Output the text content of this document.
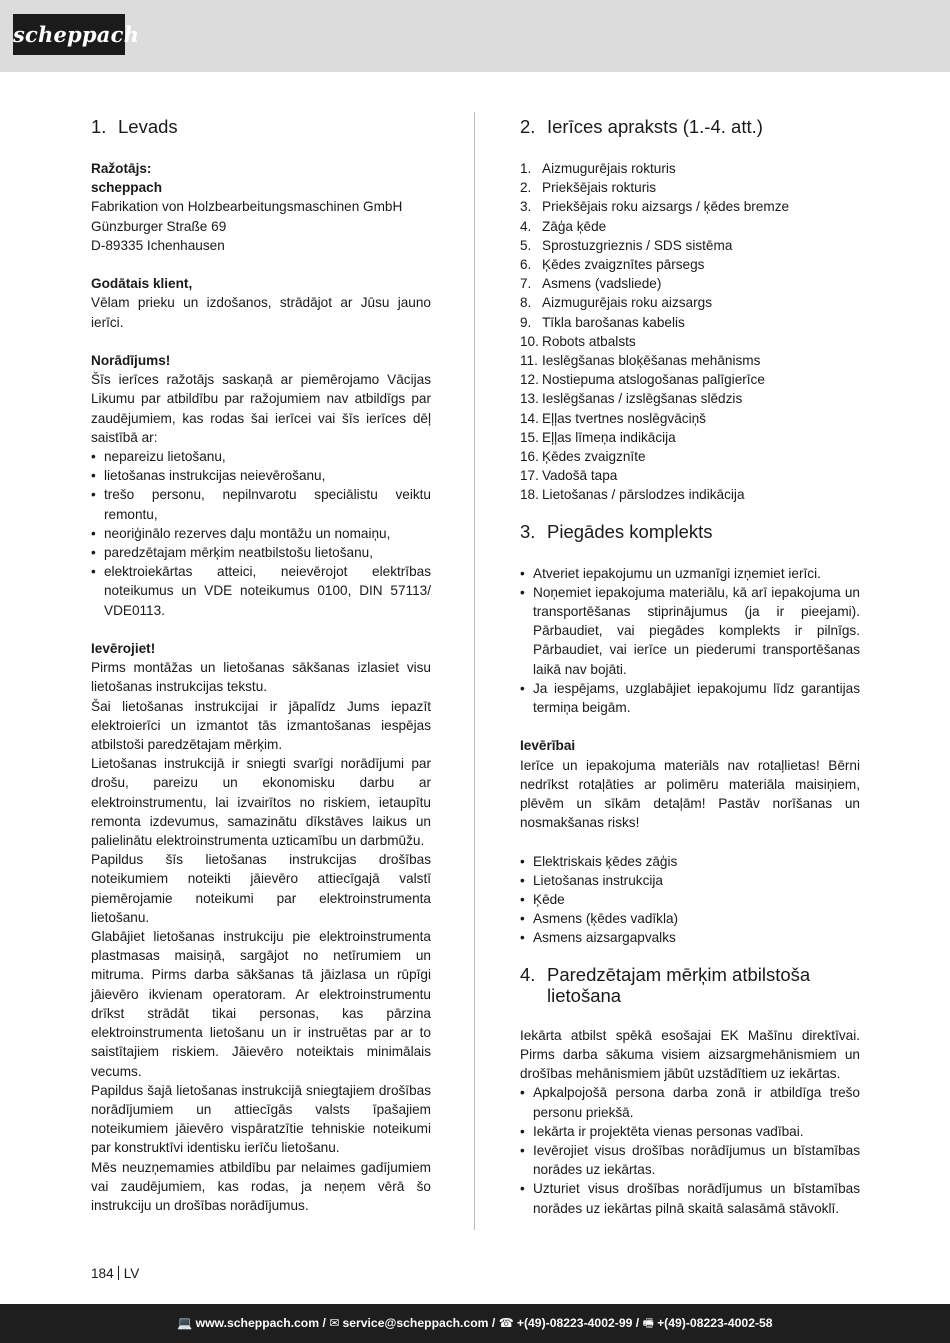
scheppach
1. Levads

Ražotājs:

scheppach

Fabrikation von Holzbearbeitungsmaschinen GmbH

Günzburger Straße 69

D-89335 Ichenhausen

Godātais klient,

Vēlam prieku un izdošanos, strādājot ar Jūsu jauno ierīci.

Norādījums!

Šīs ierīces ražotājs saskaņā ar piemērojamo Vācijas Likumu par atbildību par ražojumiem nav atbildīgs par zaudējumiem, kas rodas šai ierīcei vai šīs ierīces dēļ saistībā ar:

• nepareizu lietošanu,
• lietošanas instrukcijas neievērošanu,
• trešo personu, nepilnvarotu speciālistu veiktu remontu,
• neoriģinālo rezerves daļu montāžu un nomaiņu,
• paredzētajam mērķim neatbilstošu lietošanu,
• elektroiekārtas atteici, neievērojot elektrības noteikumus un VDE noteikumus 0100, DIN 57113/ VDE0113.

Ievērojiet!

Pirms montāžas un lietošanas sākšanas izlasiet visu lietošanas instrukcijas tekstu.

Šai lietošanas instrukcijai ir jāpalīdz Jums iepazīt elektroierīci un izmantot tās izmantošanas iespējas atbilstoši paredzētajam mērķim.

Lietošanas instrukcijā ir sniegti svarīgi norādījumi par drošu, pareizu un ekonomisku darbu ar elektroinstrumentu, lai izvairītos no riskiem, ietaupītu remonta izdevumus, samazinātu dīkstāves laikus un palielinātu elektroinstrumenta uzticamību un darbmūžu.

Papildus šīs lietošanas instrukcijas drošības noteikumiem noteikti jāievēro attiecīgajā valstī piemērojamie noteikumi par elektroinstrumenta lietošanu.

Glabājiet lietošanas instrukciju pie elektroinstrumenta plastmasas maisiņā, sargājot no netīrumiem un mitruma. Pirms darba sākšanas tā jāizlasa un rūpīgi jāievēro ikvienam operatoram. Ar elektroinstrumentu drīkst strādāt tikai personas, kas pārzina elektroinstrumenta lietošanu un ir instruētas par ar to saistītajiem riskiem. Jāievēro noteiktais minimālais vecums.

Papildus šajā lietošanas instrukcijā sniegtajiem drošības norādījumiem un attiecīgās valsts īpašajiem noteikumiem jāievēro vispāratzītie tehniskie noteikumi par konstruktīvi identisku ierīču lietošanu.

Mēs neuzņemamies atbildību par nelaimes gadījumiem vai zaudējumiem, kas rodas, ja neņem vērā šo instrukciju un drošības norādījumus.

2. Ierīces apraksts (1.-4. att.)
1. Aizmugurējais rokturis
2. Priekšējais rokturis
3. Priekšējais roku aizsargs / ķēdes bremze
4. Zāģa ķēde
5. Sprostuzgrieznis / SDS sistēma
6. Ķēdes zvaigznītes pārsegs
7. Asmens (vadsliede)
8. Aizmugurējais roku aizsargs
9. Tīkla barošanas kabelis
10. Robots atbalsts
11. Ieslēgšanas bloķēšanas mehānisms
12. Nostiepuma atslogošanas palīgierīce
13. Ieslēgšanas / izslēgšanas slēdzis
14. Eļļas tvertnes noslēgvāciņš
15. Eļļas līmeņa indikācija
16. Ķēdes zvaigznīte
17. Vadošā tapa
18. Lietošanas / pārslodzes indikācija
3. Piegādes komplekts
• Atveriet iepakojumu un uzmanīgi izņemiet ierīci.
• Noņemiet iepakojuma materiālu, kā arī iepakojuma un transportēšanas stiprinājumus (ja ir pieejami). Pārbaudiet, vai piegādes komplekts ir pilnīgs. Pārbaudiet, vai ierīce un piederumi transportēšanas laikā nav bojāti.
• Ja iespējams, uzglabājiet iepakojumu līdz garantijas termiņa beigām.

Ievērībai

Ierīce un iepakojuma materiāls nav rotaļlietas! Bērni nedrīkst rotaļāties ar polimēru materiāla maisiņiem, plēvēm un sīkām detaļām! Pastāv norīšanas un nosmakšanas risks!

• Elektriskais ķēdes zāģis
• Lietošanas instrukcija
• Ķēde
• Asmens (ķēdes vadīkla)
• Asmens aizsargapvalks
4. Paredzētajam mērķim atbilstoša lietošana

Iekārta atbilst spēkā esošajai EK Mašīnu direktīvai. Pirms darba sākuma visiem aizsargmehānismiem un drošības mehānismiem jābūt uzstādītiem uz iekārtas.

• Apkalpojošā persona darba zonā ir atbildīga trešo personu priekšā.
• Iekārta ir projektēta vienas personas vadībai.
• Ievērojiet visus drošības norādījumus un bīstamības norādes uz iekārtas.
• Uzturiet visus drošības norādījumus un bīstamības norādes uz iekārtas pilnā skaitā salasāmā stāvoklī.
184 LV
💻 www.scheppach.com / ✉ service@scheppach.com / ☎ +(49)-08223-4002-99 / 🖷 +(49)-08223-4002-58
